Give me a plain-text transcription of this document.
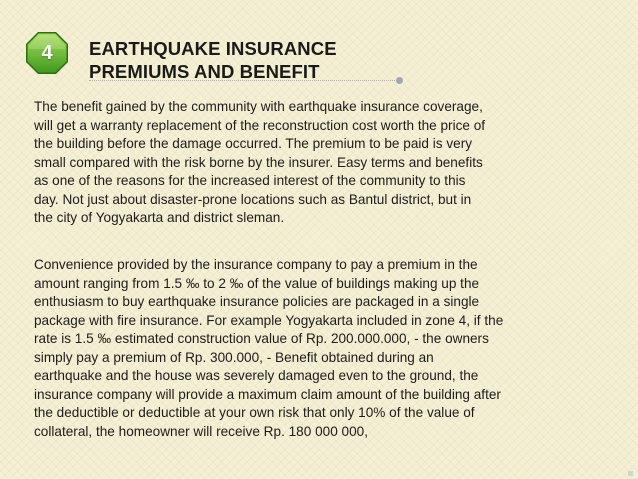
4	EARTHQUAKE INSURANCE
PREMIUMS AND BENEFIT
The benefit gained by the community with earthquake insurance coverage,
will get a warranty replacement of the reconstruction cost worth the price of
the building before the damage occurred. The premium to be paid is very
small compared with the risk borne by the insurer. Easy terms and benefits
as one of the reasons for the increased interest of the community to this
day. Not just about disaster-prone locations such as Bantul district, but in
the city of Yogyakarta and district sleman.
Convenience provided by the insurance company to pay a premium in the
amount ranging from 1.5 ‰ to 2 ‰ of the value of buildings making up the
enthusiasm to buy earthquake insurance policies are packaged in a single
package with fire insurance. For example Yogyakarta included in zone 4, if the
rate is 1.5 ‰ estimated construction value of Rp. 200.000.000, - the owners
simply pay a premium of Rp. 300.000, - Benefit obtained during an
earthquake and the house was severely damaged even to the ground, the
insurance company will provide a maximum claim amount of the building after
the deductible or deductible at your own risk that only 10% of the value of
collateral, the homeowner will receive Rp. 180 000 000,
